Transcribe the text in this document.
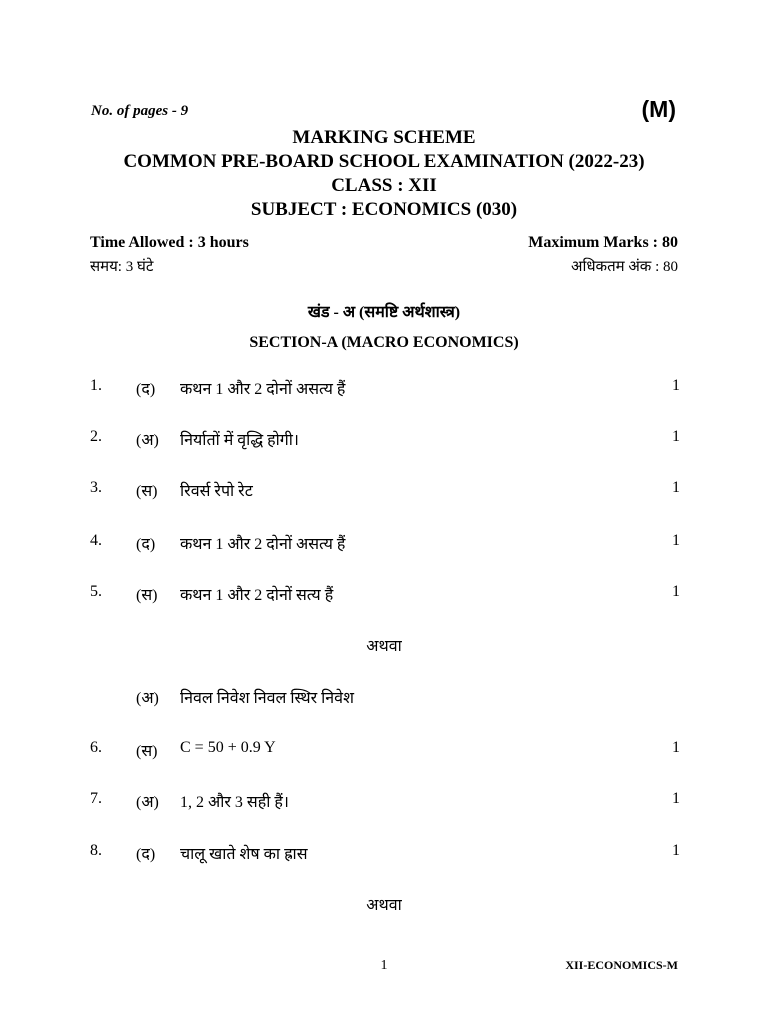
No. of pages - 9	(M)
MARKING SCHEME
COMMON PRE-BOARD SCHOOL EXAMINATION (2022-23)
CLASS : XII
SUBJECT : ECONOMICS (030)
Time Allowed : 3 hours	Maximum Marks : 80
समय: 3 घंटे	अधिकतम अंक : 80
खंड - अ (समष्टि अर्थशास्त्र)
SECTION-A (MACRO ECONOMICS)
1. (द) कथन 1 और 2 दोनों असत्य हैं	1
2. (अ) निर्यातों में वृद्धि होगी।	1
3. (स) रिवर्स रेपो रेट	1
4. (द) कथन 1 और 2 दोनों असत्य हैं	1
5. (स) कथन 1 और 2 दोनों सत्य हैं	1
अथवा
(अ) निवल निवेश निवल स्थिर निवेश
6. (स) C = 50 + 0.9 Y	1
7. (अ) 1, 2 और 3 सही हैं।	1
8. (द) चालू खाते शेष का ह्रास	1
अथवा
1	XII-ECONOMICS-M
